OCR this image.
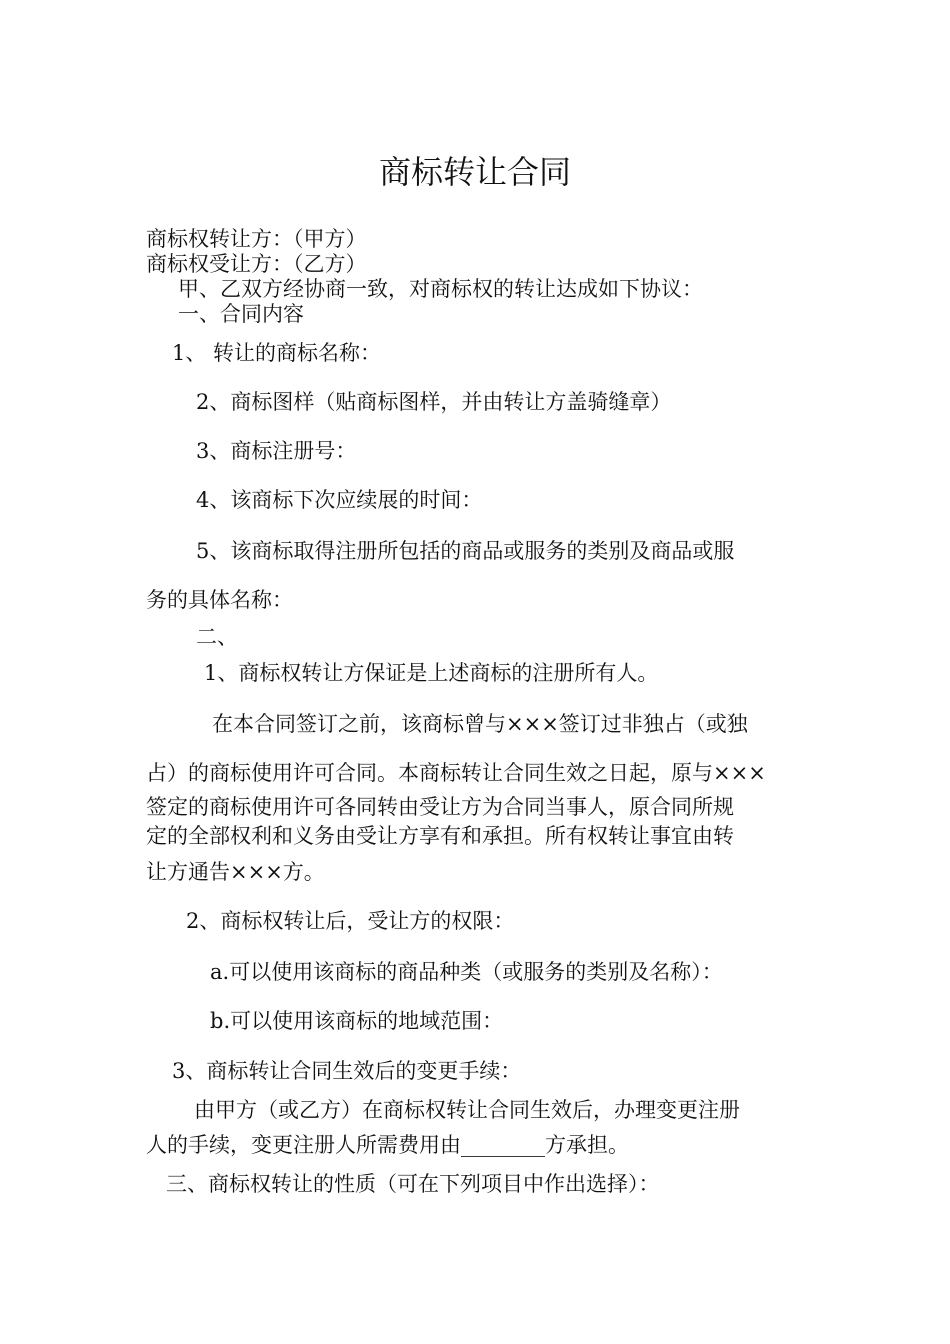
商标转让合同
商标权转让方：（甲方）
商标权受让方：（乙方）
甲、乙双方经协商一致，对商标权的转让达成如下协议：
一、合同内容
1、 转让的商标名称：
2、商标图样（贴商标图样，并由转让方盖骑缝章）
3、商标注册号：
4、该商标下次应续展的时间：
5、该商标取得注册所包括的商品或服务的类别及商品或服
务的具体名称：
二、
1、商标权转让方保证是上述商标的注册所有人。
在本合同签订之前，该商标曾与×××签订过非独占（或独
占）的商标使用许可合同。本商标转让合同生效之日起，原与×××
签定的商标使用许可各同转由受让方为合同当事人，原合同所规
定的全部权利和义务由受让方享有和承担。所有权转让事宜由转
让方通告×××方。
2、商标权转让后，受让方的权限：
a.可以使用该商标的商品种类（或服务的类别及名称）：
b.可以使用该商标的地域范围：
3、商标转让合同生效后的变更手续：
由甲方（或乙方）在商标权转让合同生效后，办理变更注册
人的手续，变更注册人所需费用由________方承担。
三、商标权转让的性质（可在下列项目中作出选择）：
